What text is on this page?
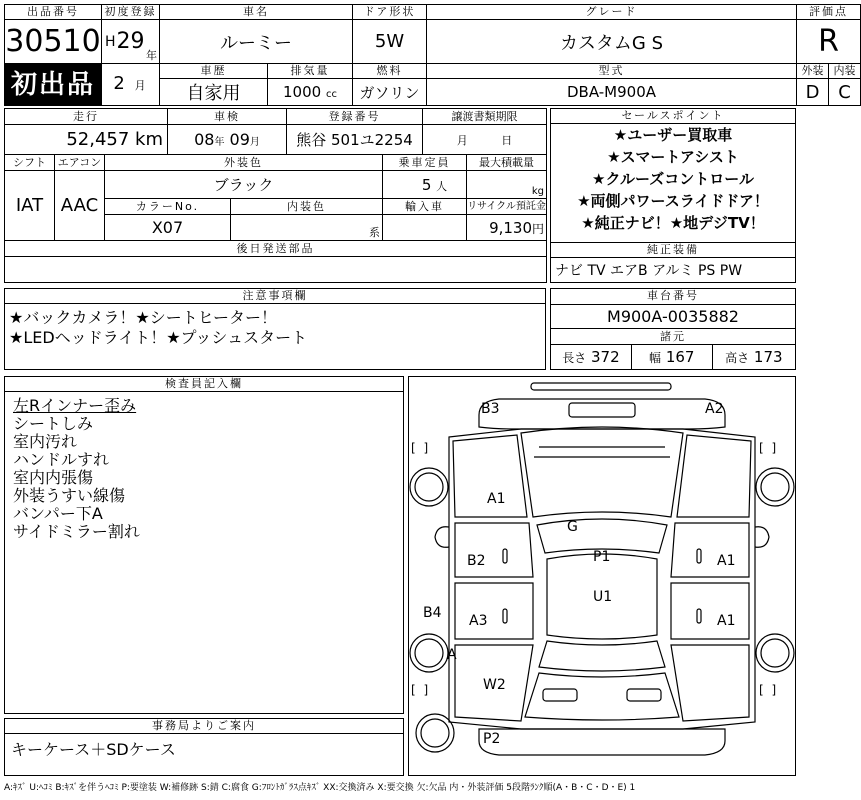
出品番号	初度登録	車名		ドア形状	グレード	評価点	
30510	H 29
年	ルーミー		5W	カスタムG S	R	
初出品	2 月	車歴	排気量	燃料	型式	外装	内装
		自家用	1000 cc	ガソリン	DBA-M900A	D	C
走行			車検		登録番号		譲渡書類期限	
52,457 km			08年 09月		熊谷 501ユ2254		月 日	
シフト	エアコン	外装色				乗車定員		最大積載量
IAT	AAC	ブラック				5 人		kg
		カラーNo.		内装色		輸入車		リサイクル預託金
		X07		系				9,130円
後日発送部品								

セールスポイント

★ユーザー買取車
★スマートアシスト
★クルーズコントロール
★両側パワースライドドア！
★純正ナビ！★地デジTV！

純正装備
ナビ TV エアB アルミ PS PW
注意事項欄

★バックカメラ！★シートヒーター！
★LEDヘッドライト！★プッシュスタート
車台番号
M900A-0035882
諸元
長さ 372	幅 167	高さ 173
検査員記入欄
左Rインナー歪み
シートしみ
室内汚れ
ハンドルすれ
室内内張傷
外装うすい線傷
バンパー下A
サイドミラー割れ
事務局よりご案内
キーケース＋SDケース
[ ]	[ ]
[ ]	[ ]
B3	A2
A1
G
B2	P1	A1
U1
B4 A3	A1
A
W2
P2
A:ｷｽﾞ U:ﾍｺﾐ B:ｷｽﾞを伴うﾍｺﾐ P:要塗装 W:補修跡 S:錆 C:腐食 G:ﾌﾛﾝﾄｶﾞﾗｽ点ｷｽﾞ XX:交換済み X:要交換 欠:欠品 内・外装評価 5段階ﾗﾝｸ順(A・B・C・D・E) 1
